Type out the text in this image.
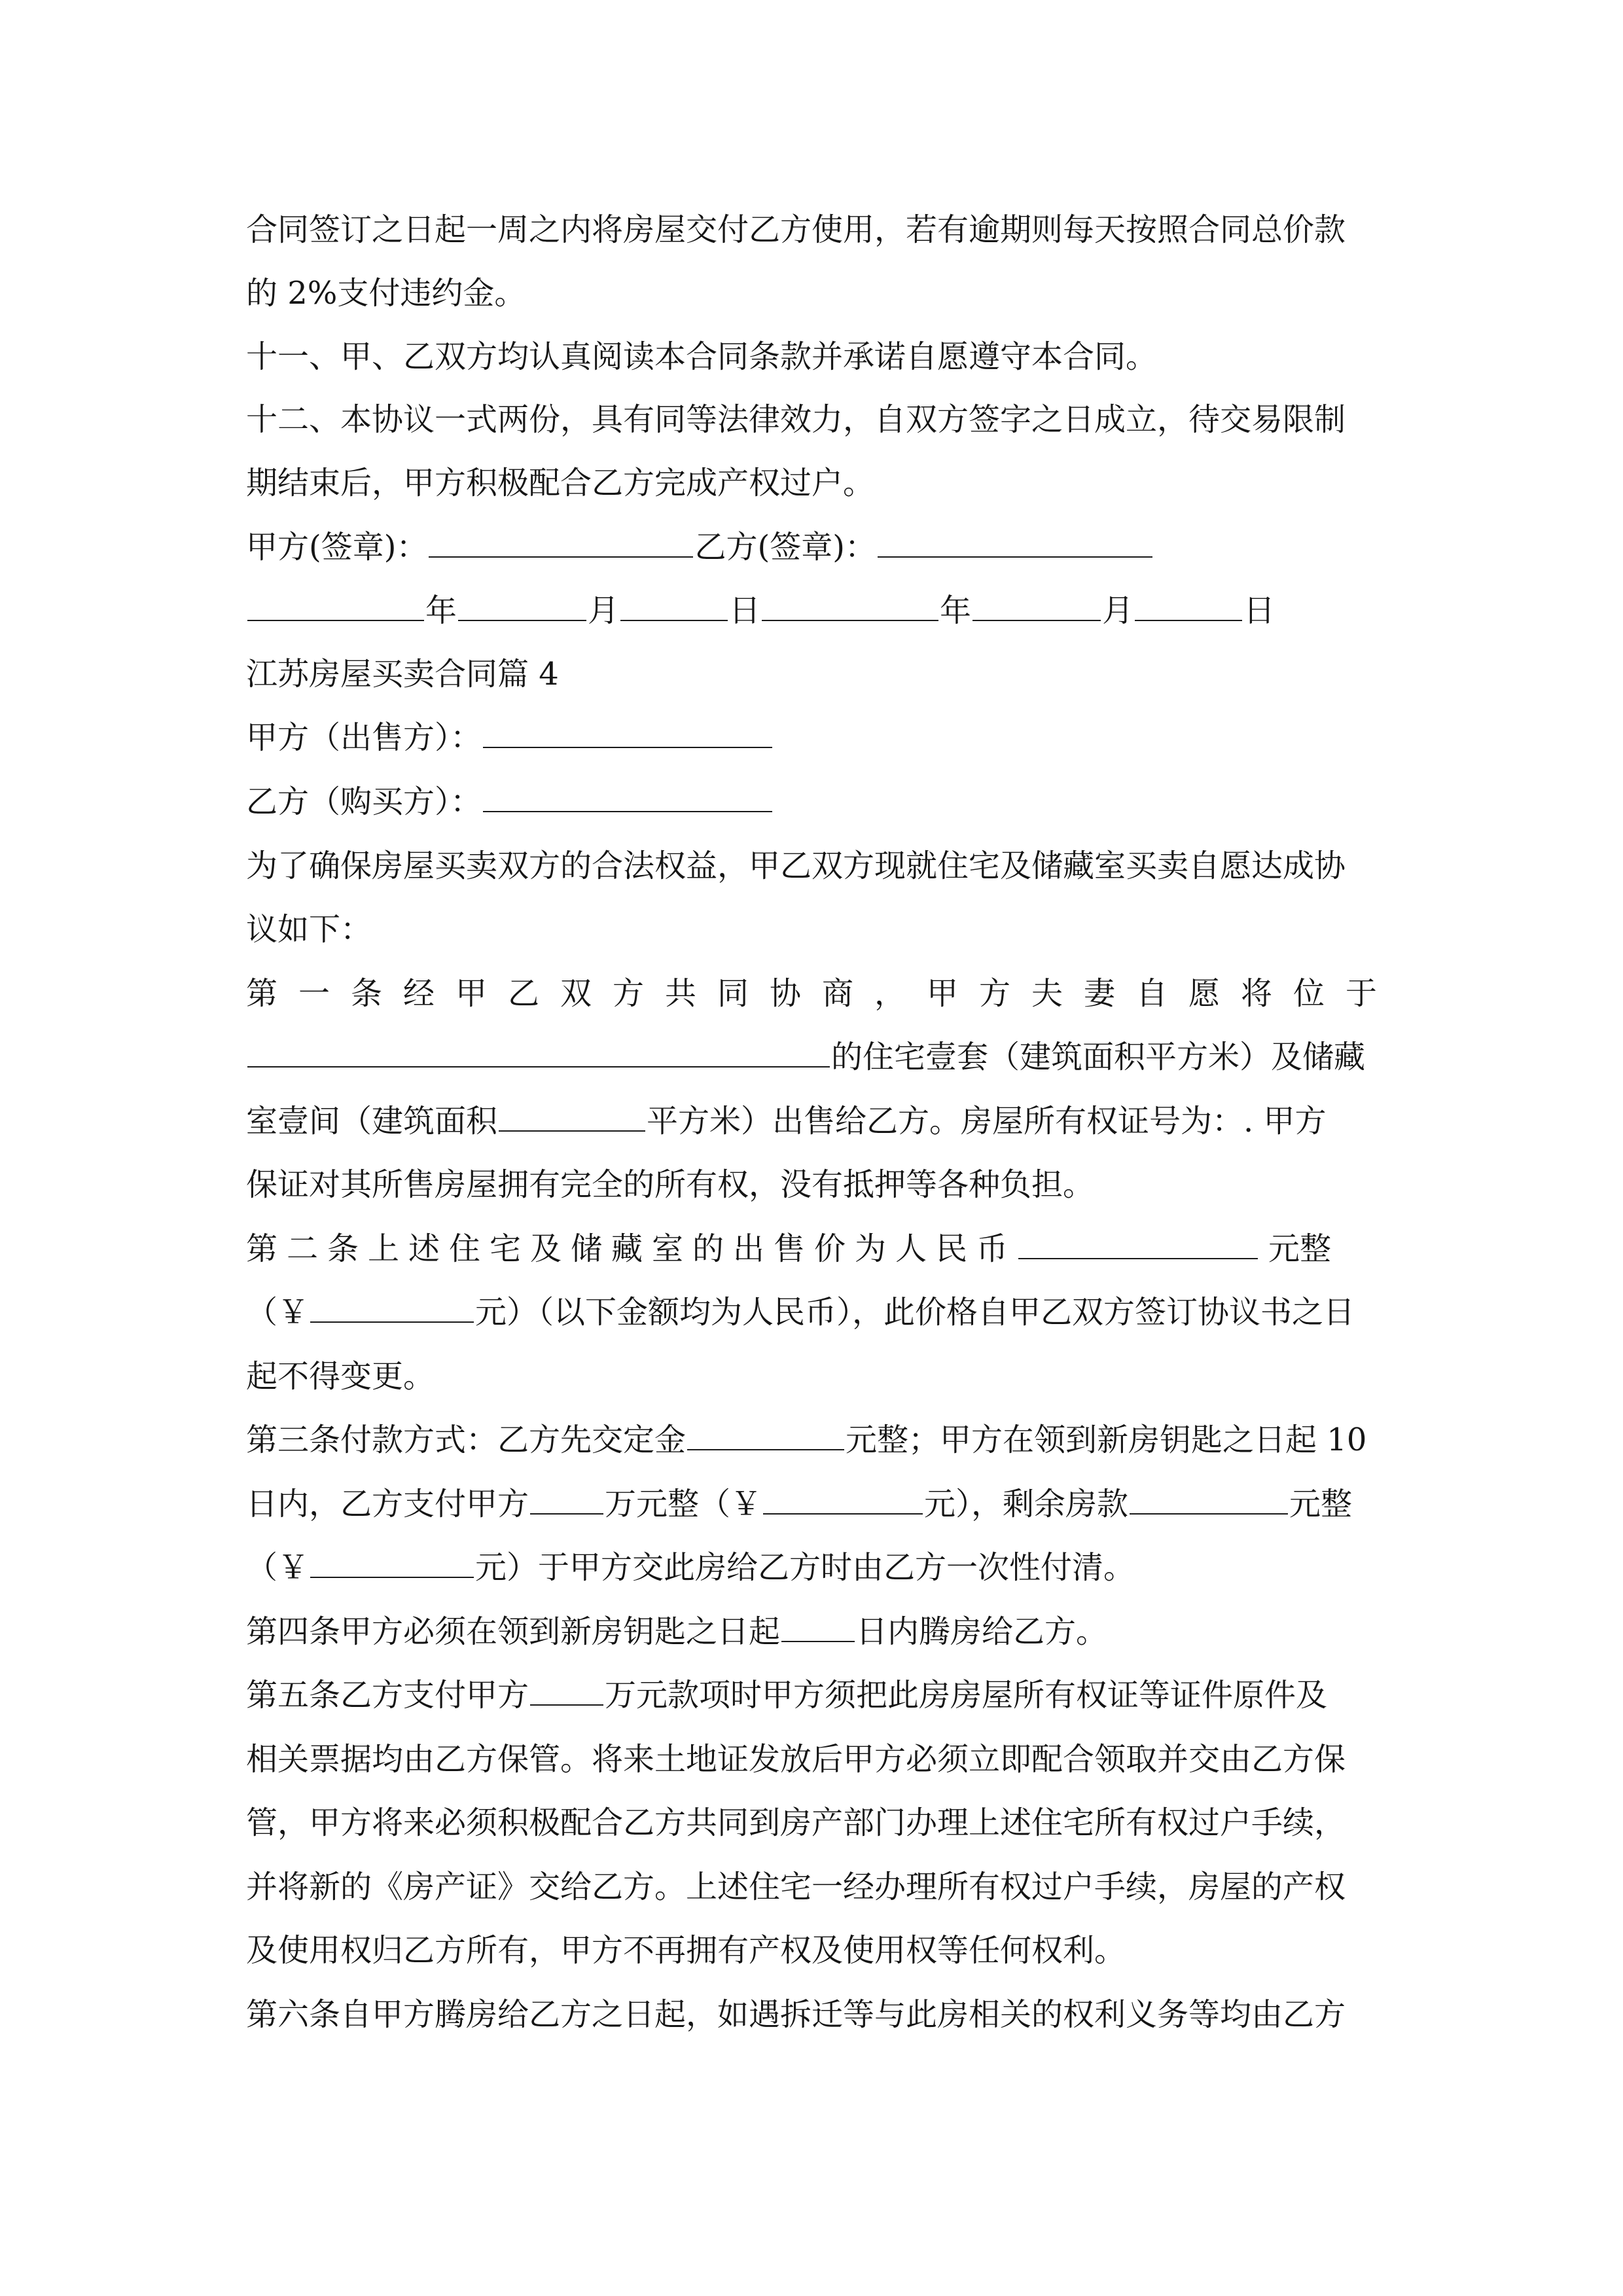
合同签订之日起一周之内将房屋交付乙方使用，若有逾期则每天按照合同总价款
的 2%支付违约金。
十一、甲、乙双方均认真阅读本合同条款并承诺自愿遵守本合同。
十二、本协议一式两份，具有同等法律效力，自双方签字之日成立，待交易限制
期结束后，甲方积极配合乙方完成产权过户。
甲方(签章)：	乙方(签章)：
年	月	日	年	月	日
江苏房屋买卖合同篇 4
甲方（出售方）：
乙方（购买方）：
为了确保房屋买卖双方的合法权益，甲乙双方现就住宅及储藏室买卖自愿达成协
议如下：
第一条经甲乙双方共同协商，甲方夫妻自愿将位于
的住宅壹套（建筑面积平方米）及储藏
室壹间（建筑面积	平方米）出售给乙方。房屋所有权证号为：. 甲方
保证对其所售房屋拥有完全的所有权，没有抵押等各种负担。
第二条上述住宅及储藏室的出售价为人民币	元整
（￥	元）（以下金额均为人民币），此价格自甲乙双方签订协议书之日
起不得变更。
第三条付款方式：乙方先交定金	元整；甲方在领到新房钥匙之日起 10
日内，乙方支付甲方 万元整（￥	元），剩余房款	元整
（￥	元）于甲方交此房给乙方时由乙方一次性付清。
第四条甲方必须在领到新房钥匙之日起 日内腾房给乙方。
第五条乙方支付甲方 万元款项时甲方须把此房房屋所有权证等证件原件及
相关票据均由乙方保管。将来土地证发放后甲方必须立即配合领取并交由乙方保
管，甲方将来必须积极配合乙方共同到房产部门办理上述住宅所有权过户手续，
并将新的《房产证》交给乙方。上述住宅一经办理所有权过户手续，房屋的产权
及使用权归乙方所有，甲方不再拥有产权及使用权等任何权利。
第六条自甲方腾房给乙方之日起，如遇拆迁等与此房相关的权利义务等均由乙方
